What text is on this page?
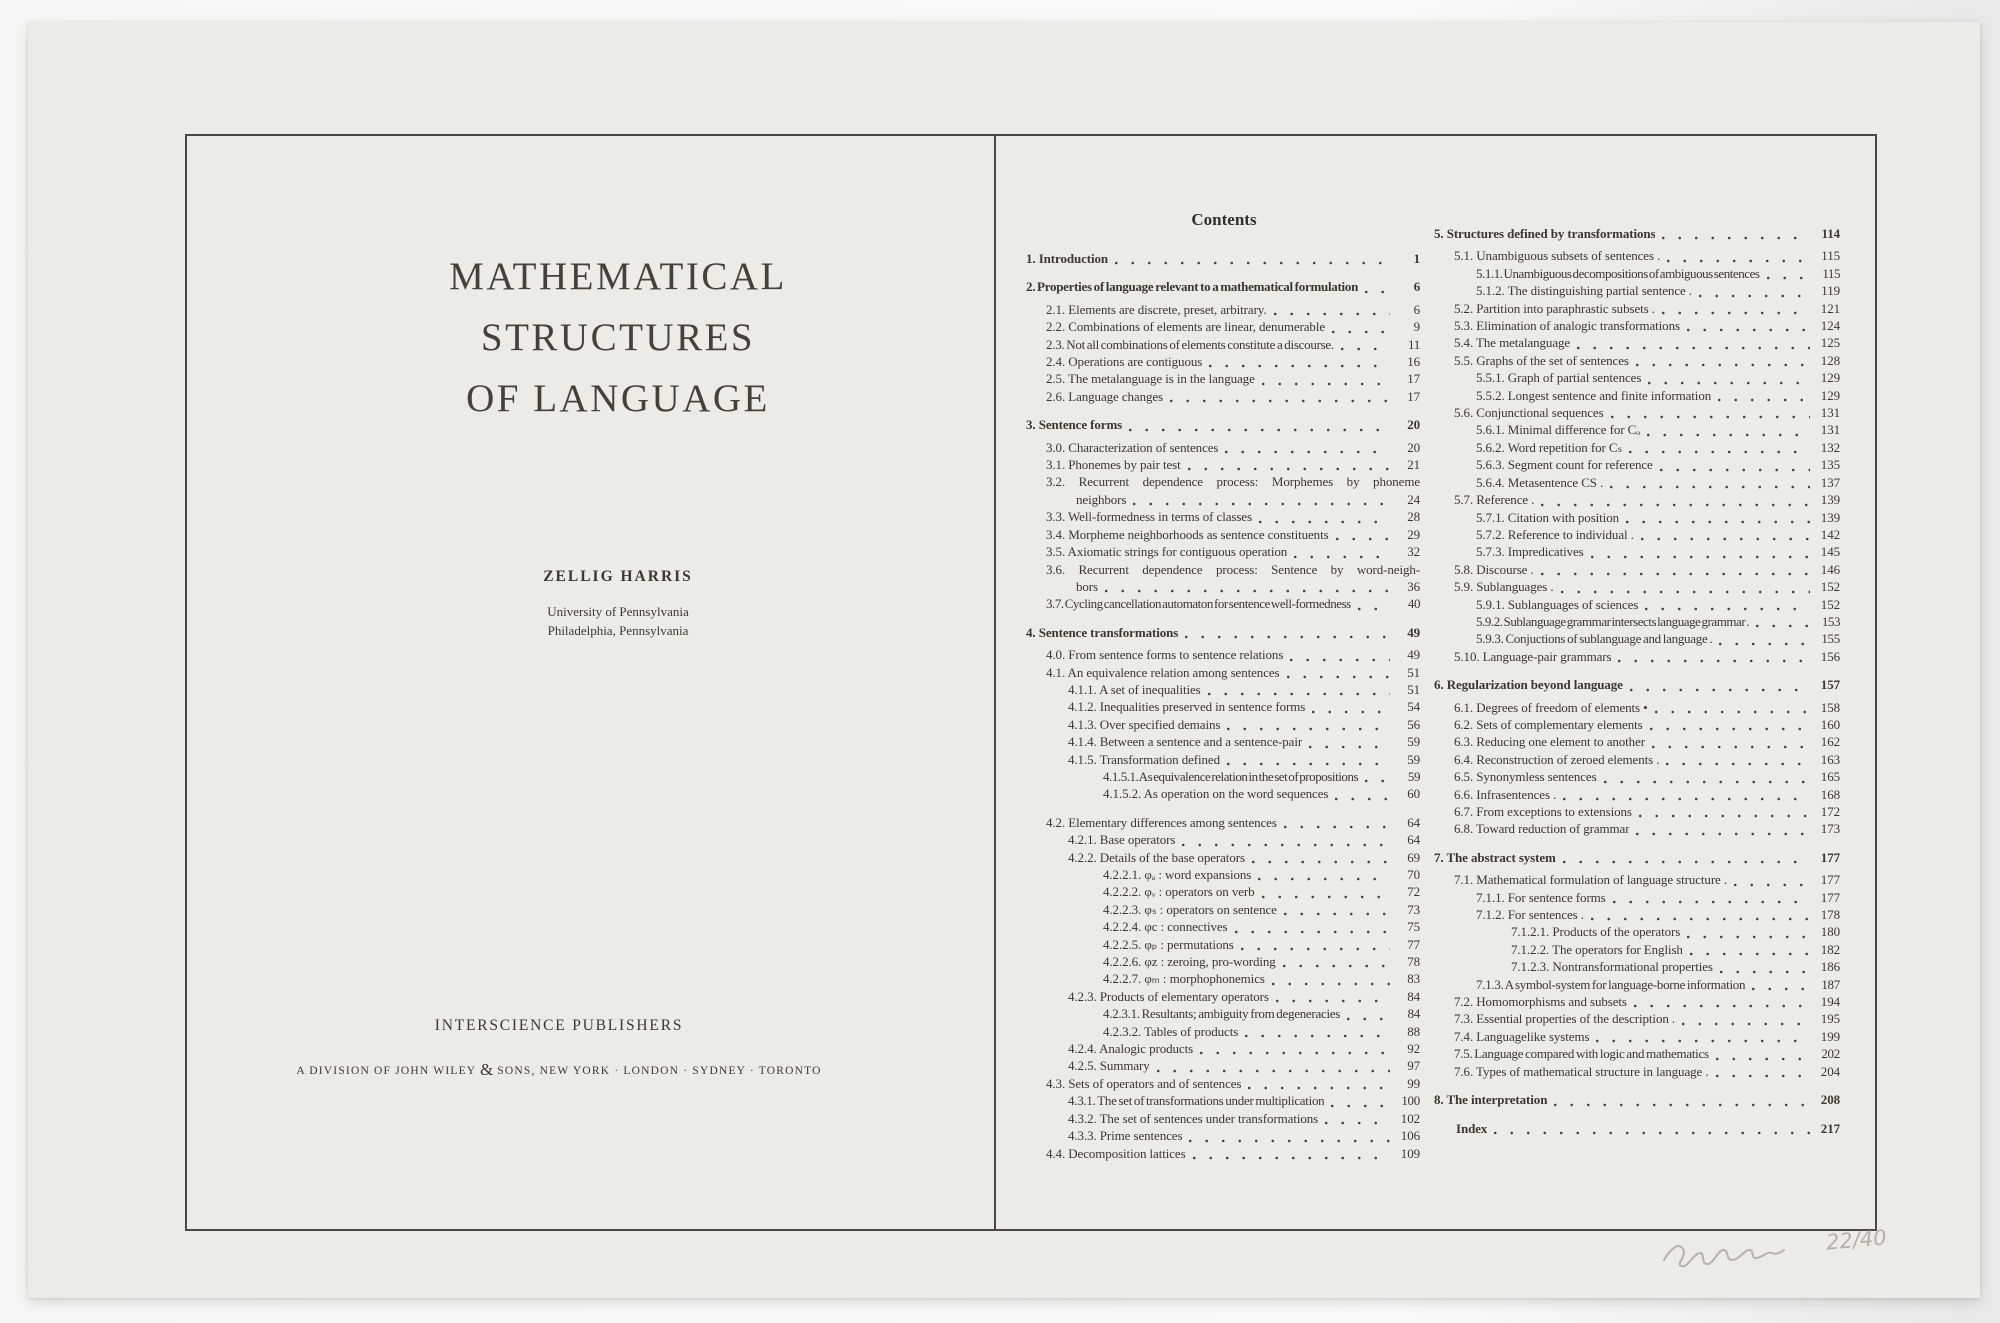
MATHEMATICAL
STRUCTURES
OF LANGUAGE
ZELLIG HARRIS
University of Pennsylvania
Philadelphia, Pennsylvania
INTERSCIENCE PUBLISHERS
A DIVISION OF JOHN WILEY & SONS, NEW YORK · LONDON · SYDNEY · TORONTO
Contents
1. Introduction	1
2. Properties of language relevant to a mathematical formulation	6
2.1. Elements are discrete, preset, arbitrary.	6
2.2. Combinations of elements are linear, denumerable	9
2.3. Not all combinations of elements constitute a discourse.	11
2.4. Operations are contiguous	16
2.5. The metalanguage is in the language	17
2.6. Language changes	17
3. Sentence forms	20
3.0. Characterization of sentences	20
3.1. Phonemes by pair test	21
3.2. Recurrent dependence process: Morphemes by phoneme
neighbors	24
3.3. Well-formedness in terms of classes	28
3.4. Morpheme neighborhoods as sentence constituents	29
3.5. Axiomatic strings for contiguous operation	32
3.6. Recurrent dependence process: Sentence by word-neigh-
bors	36
3.7. Cycling cancellation automaton for sentence well-formedness	40
4. Sentence transformations	49
4.0. From sentence forms to sentence relations	49
4.1. An equivalence relation among sentences	51
4.1.1. A set of inequalities	51
4.1.2. Inequalities preserved in sentence forms	54
4.1.3. Over specified demains	56
4.1.4. Between a sentence and a sentence-pair	59
4.1.5. Transformation defined	59
4.1.5.1. As equivalence relation in the set of propositions	59
4.1.5.2. As operation on the word sequences	60
4.2. Elementary differences among sentences	64
4.2.1. Base operators	64
4.2.2. Details of the base operators	69
4.2.2.1. φₐ : word expansions	70
4.2.2.2. φᵥ : operators on verb	72
4.2.2.3. φₛ : operators on sentence	73
4.2.2.4. φc : connectives	75
4.2.2.5. φₚ : permutations	77
4.2.2.6. φz : zeroing, pro-wording	78
4.2.2.7. φₘ : morphophonemics	83
4.2.3. Products of elementary operators	84
4.2.3.1. Resultants; ambiguity from degeneracies	84
4.2.3.2. Tables of products	88
4.2.4. Analogic products	92
4.2.5. Summary	97
4.3. Sets of operators and of sentences	99
4.3.1. The set of transformations under multiplication	100
4.3.2. The set of sentences under transformations	102
4.3.3. Prime sentences	106
4.4. Decomposition lattices	109
5. Structures defined by transformations	114
5.1. Unambiguous subsets of sentences .	115
5.1.1. Unambiguous decompositions of ambiguous sentences	115
5.1.2. The distinguishing partial sentence .	119
5.2. Partition into paraphrastic subsets .	121
5.3. Elimination of analogic transformations	124
5.4. The metalanguage	125
5.5. Graphs of the set of sentences	128
5.5.1. Graph of partial sentences	129
5.5.2. Longest sentence and finite information	129
5.6. Conjunctional sequences	131
5.6.1. Minimal difference for Cₒ	131
5.6.2. Word repetition for Cₛ	132
5.6.3. Segment count for reference	135
5.6.4. Metasentence CS .	137
5.7. Reference .	139
5.7.1. Citation with position	139
5.7.2. Reference to individual .	142
5.7.3. Impredicatives	145
5.8. Discourse .	146
5.9. Sublanguages .	152
5.9.1. Sublanguages of sciences	152
5.9.2. Sublanguage grammar intersects language grammar .	153
5.9.3. Conjuctions of sublanguage and language .	155
5.10. Language-pair grammars	156
6. Regularization beyond language	157
6.1. Degrees of freedom of elements •	158
6.2. Sets of complementary elements	160
6.3. Reducing one element to another	162
6.4. Reconstruction of zeroed elements .	163
6.5. Synonymless sentences	165
6.6. Infrasentences .	168
6.7. From exceptions to extensions	172
6.8. Toward reduction of grammar	173
7. The abstract system	177
7.1. Mathematical formulation of language structure .	177
7.1.1. For sentence forms	177
7.1.2. For sentences .	178
7.1.2.1. Products of the operators	180
7.1.2.2. The operators for English	182
7.1.2.3. Nontransformational properties	186
7.1.3. A symbol-system for language-borne information	187
7.2. Homomorphisms and subsets	194
7.3. Essential properties of the description .	195
7.4. Languagelike systems	199
7.5. Language compared with logic and mathematics	202
7.6. Types of mathematical structure in language .	204
8. The interpretation	208
Index	217
22/40
